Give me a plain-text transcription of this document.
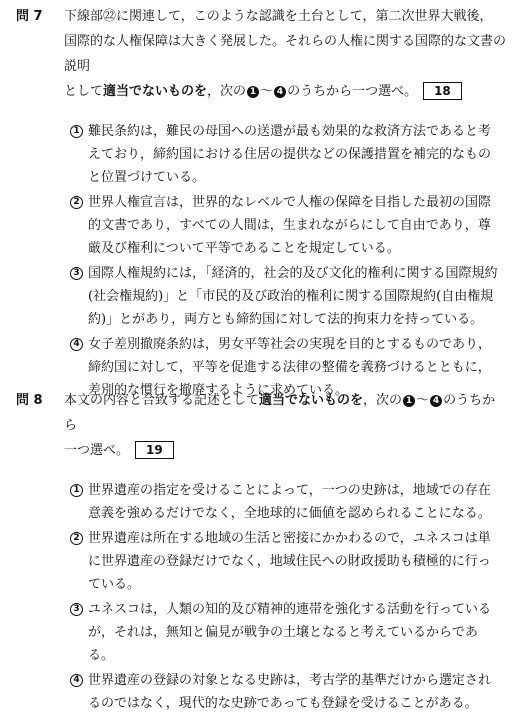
問 7 下線部㉒に関連して，このような認識を土台として，第二次世界大戦後，
国際的な人権保障は大きく発展した。それらの人権に関する国際的な文書の説明
として適当でないものを，次の 1 〜 4 のうちから一つ選べ。 18
1 難民条約は，難民の母国への送還が最も効果的な救済方法であると考えており，締約国における住居の提供などの保護措置を補完的なものと位置づけている。
2 世界人権宣言は，世界的なレベルで人権の保障を目指した最初の国際的文書であり，すべての人間は，生まれながらにして自由であり，尊厳及び権利について平等であることを規定している。
3 国際人権規約には，「経済的，社会的及び文化的権利に関する国際規約(社会権規約)」と「市民的及び政治的権利に関する国際規約(自由権規約)」とがあり，両方とも締約国に対して法的拘束力を持っている。
4 女子差別撤廃条約は，男女平等社会の実現を目的とするものであり，締約国に対して，平等を促進する法律の整備を義務づけるとともに，差別的な慣行を撤廃するように求めている。
問 8 本文の内容と合致する記述として適当でないものを，次の 1 〜 4 のうちから
一つ選べ。 19
1 世界遺産の指定を受けることによって，一つの史跡は，地域での存在意義を強めるだけでなく，全地球的に価値を認められることになる。
2 世界遺産は所在する地域の生活と密接にかかわるので，ユネスコは単に世界遺産の登録だけでなく，地域住民への財政援助も積極的に行っている。
3 ユネスコは，人類の知的及び精神的連帯を強化する活動を行っているが，それは，無知と偏見が戦争の土壌となると考えているからである。
4 世界遺産の登録の対象となる史跡は，考古学的基準だけから選定されるのではなく，現代的な史跡であっても登録を受けることがある。
